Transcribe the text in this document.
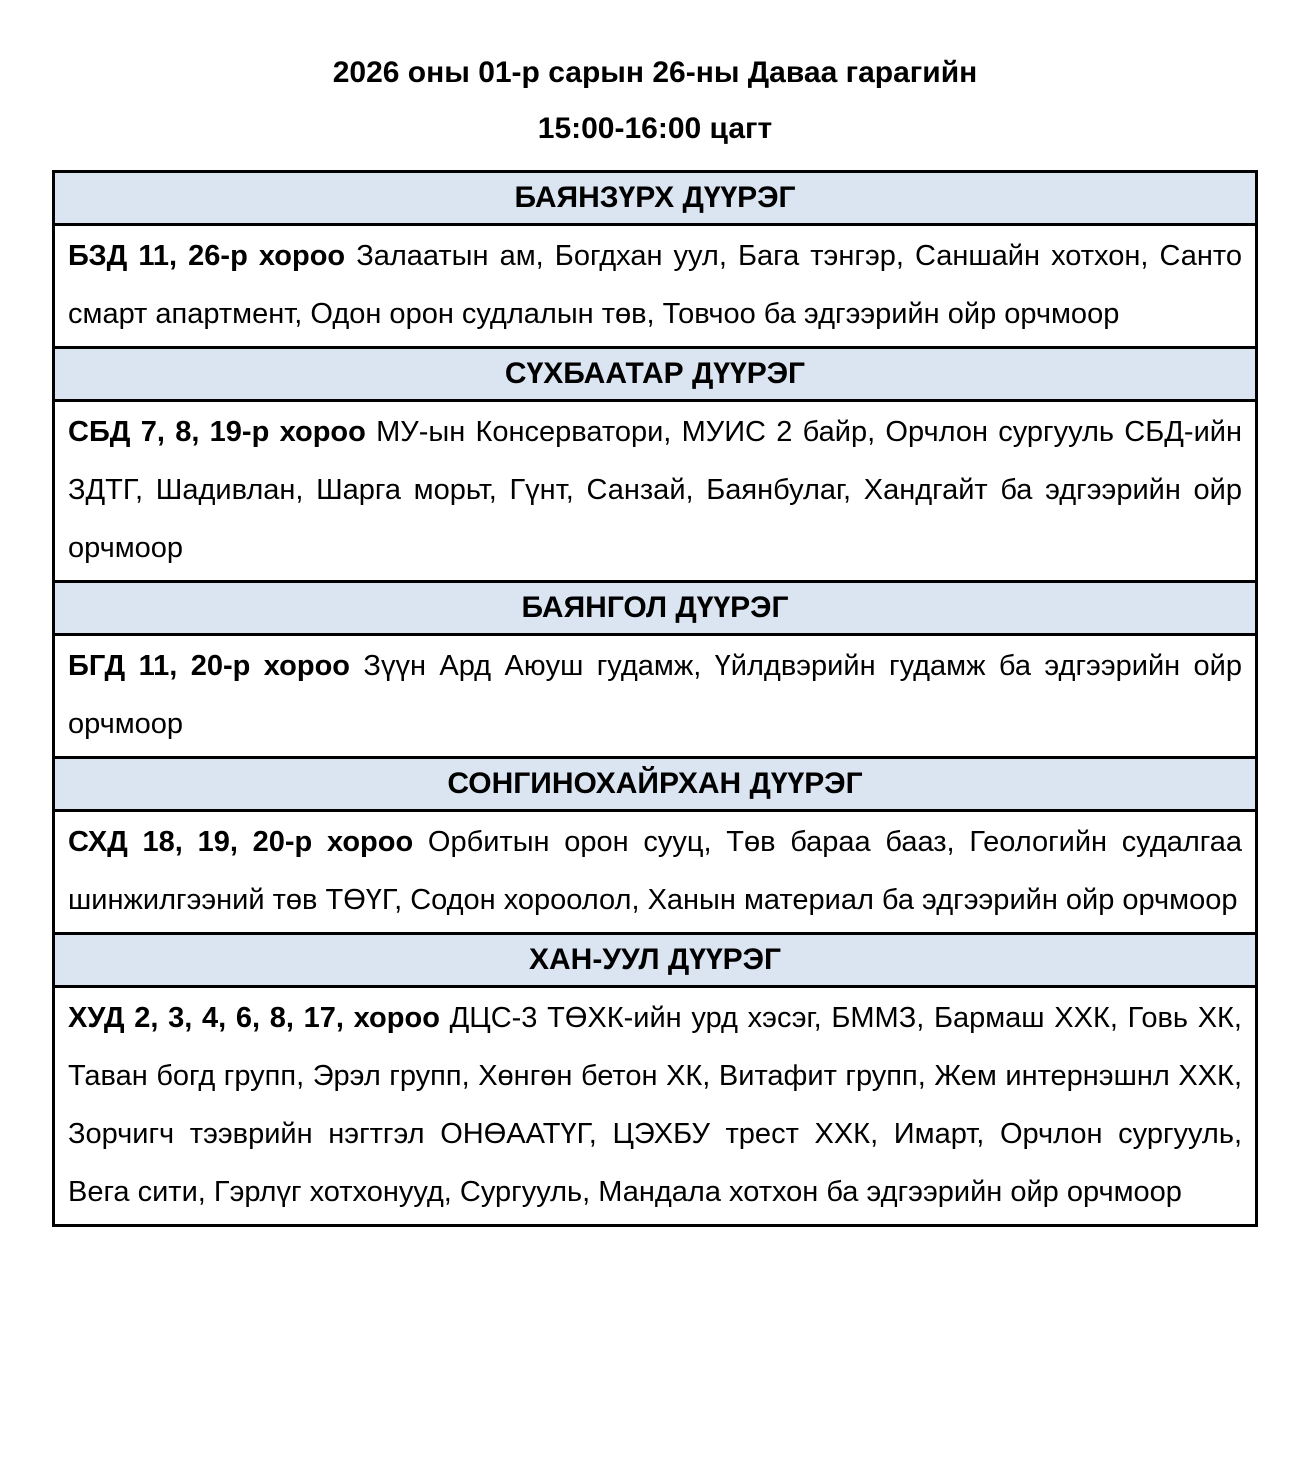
2026 оны 01-р сарын 26-ны Даваа гарагийн
15:00-16:00 цагт
БАЯНЗҮРХ ДҮҮРЭГ
БЗД 11, 26-р хороо Залаатын ам, Богдхан уул, Бага тэнгэр, Саншайн хотхон, Санто смарт апартмент, Одон орон судлалын төв, Товчоо ба эдгээрийн ойр орчмоор
СҮХБААТАР ДҮҮРЭГ
СБД 7, 8, 19-р хороо МУ-ын Консерватори, МУИС 2 байр, Орчлон сургууль СБД-ийн ЗДТГ, Шадивлан, Шарга морьт, Гүнт, Санзай, Баянбулаг, Хандгайт ба эдгээрийн ойр орчмоор
БАЯНГОЛ ДҮҮРЭГ
БГД 11, 20-р хороо Зүүн Ард Аюуш гудамж, Үйлдвэрийн гудамж ба эдгээрийн ойр орчмоор
СОНГИНОХАЙРХАН ДҮҮРЭГ
СХД 18, 19, 20-р хороо Орбитын орон сууц, Төв бараа бааз, Геологийн судалгаа шинжилгээний төв ТӨҮГ, Содон хороолол, Ханын материал ба эдгээрийн ойр орчмоор
ХАН-УУЛ ДҮҮРЭГ
ХУД 2, 3, 4, 6, 8, 17, хороо ДЦС-3 ТӨХК-ийн урд хэсэг, БММЗ, Бармаш ХХК, Говь ХК, Таван богд групп, Эрэл групп, Хөнгөн бетон ХК, Витафит групп, Жем интернэшнл ХХК, Зорчигч тээврийн нэгтгэл ОНӨААТҮГ, ЦЭХБУ трест ХХК, Имарт, Орчлон сургууль, Вега сити, Гэрлүг хотхонууд, Сургууль, Мандала хотхон ба эдгээрийн ойр орчмоор
